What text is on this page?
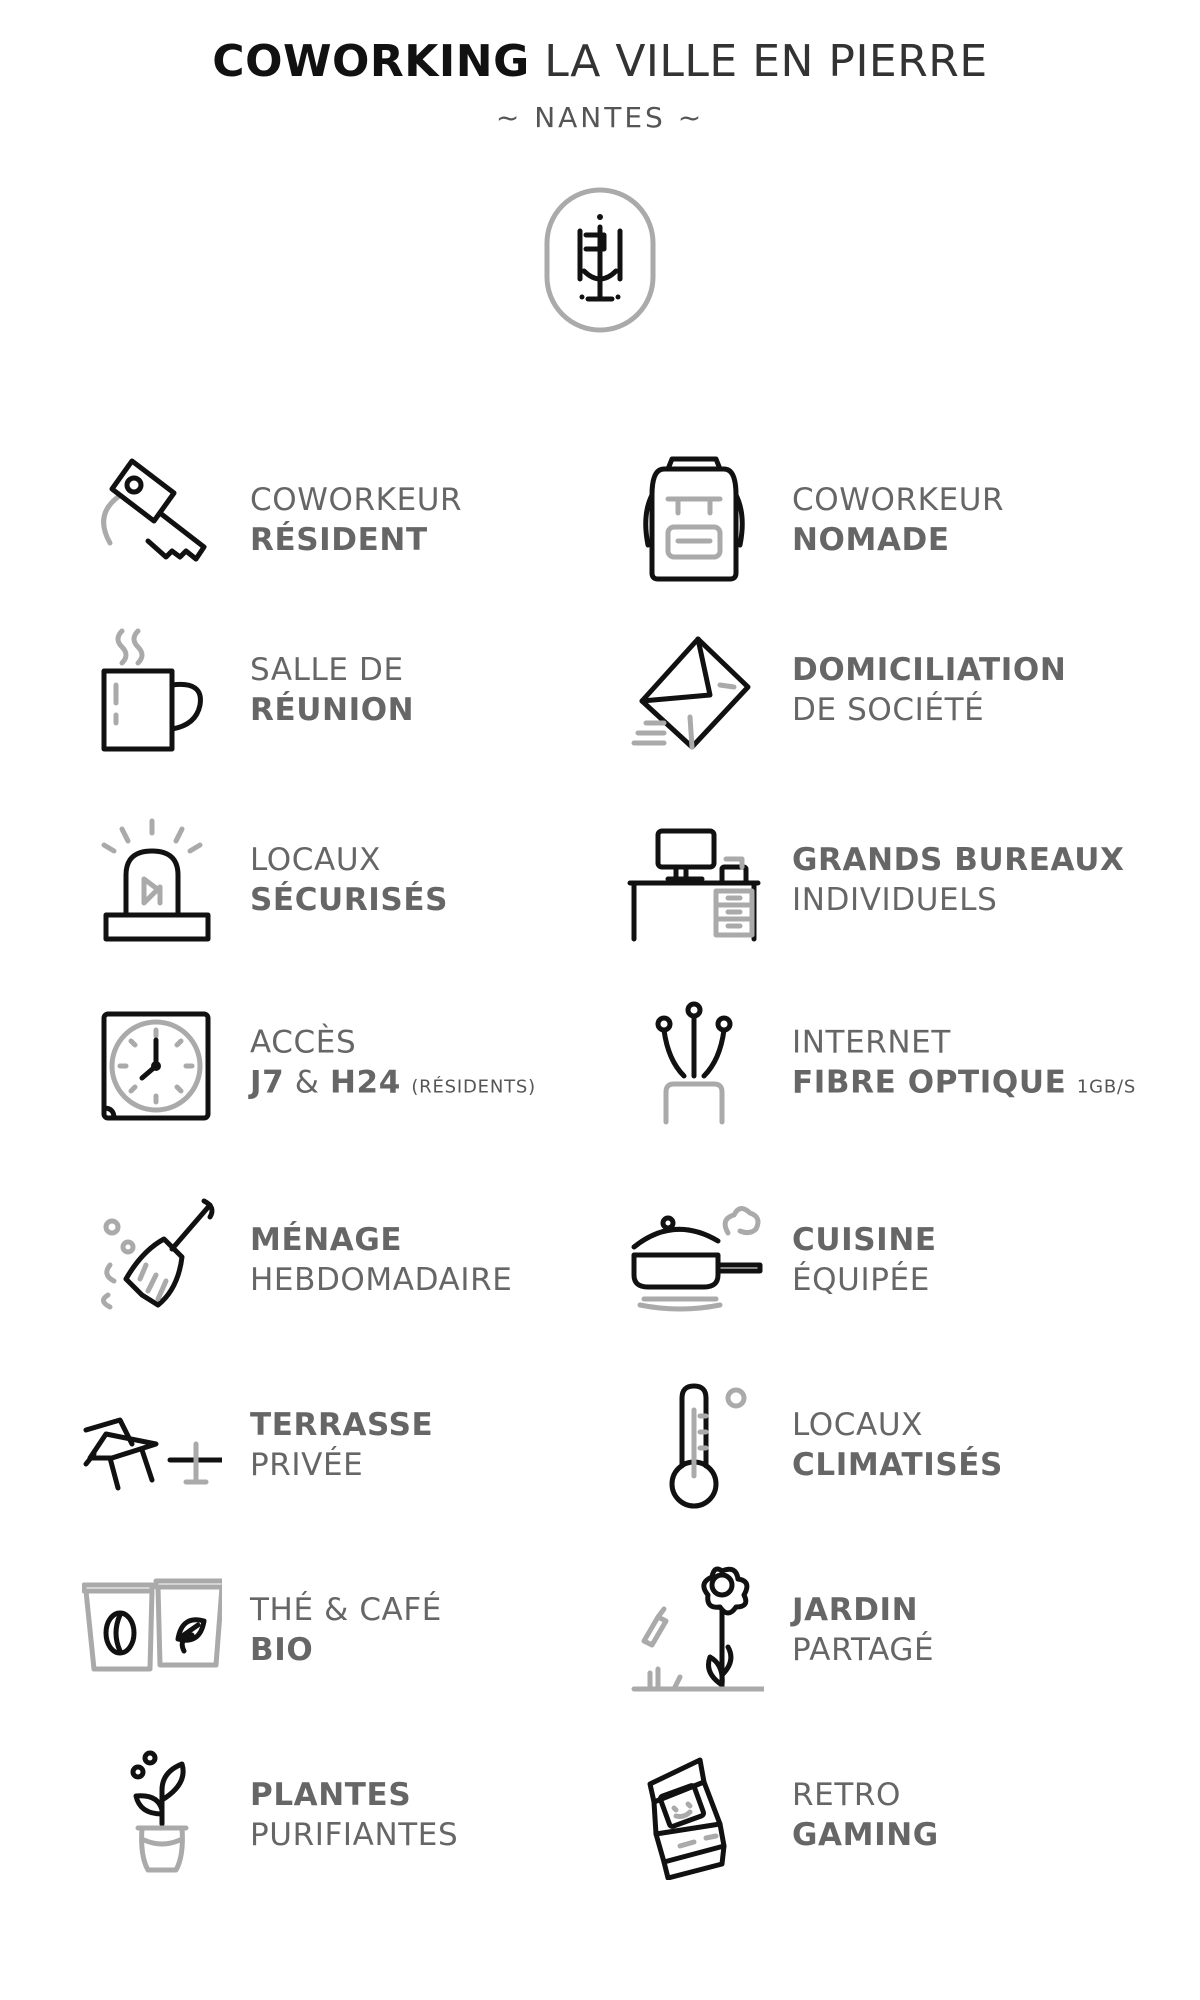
COWORKING LA VILLE EN PIERRE
~ NANTES ~
COWORKEUR
RÉSIDENT
COWORKEUR
NOMADE
SALLE DE
RÉUNION
DOMICILIATION
DE SOCIÉTÉ
LOCAUX
SÉCURISÉS
GRANDS BUREAUX
INDIVIDUELS
ACCÈS
J7 & H24 (RÉSIDENTS)
INTERNET
FIBRE OPTIQUE 1GB/S
MÉNAGE
HEBDOMADAIRE
CUISINE
ÉQUIPÉE
TERRASSE
PRIVÉE
LOCAUX
CLIMATISÉS
THÉ & CAFÉ
BIO
JARDIN
PARTAGÉ
PLANTES
PURIFIANTES
RETRO
GAMING
